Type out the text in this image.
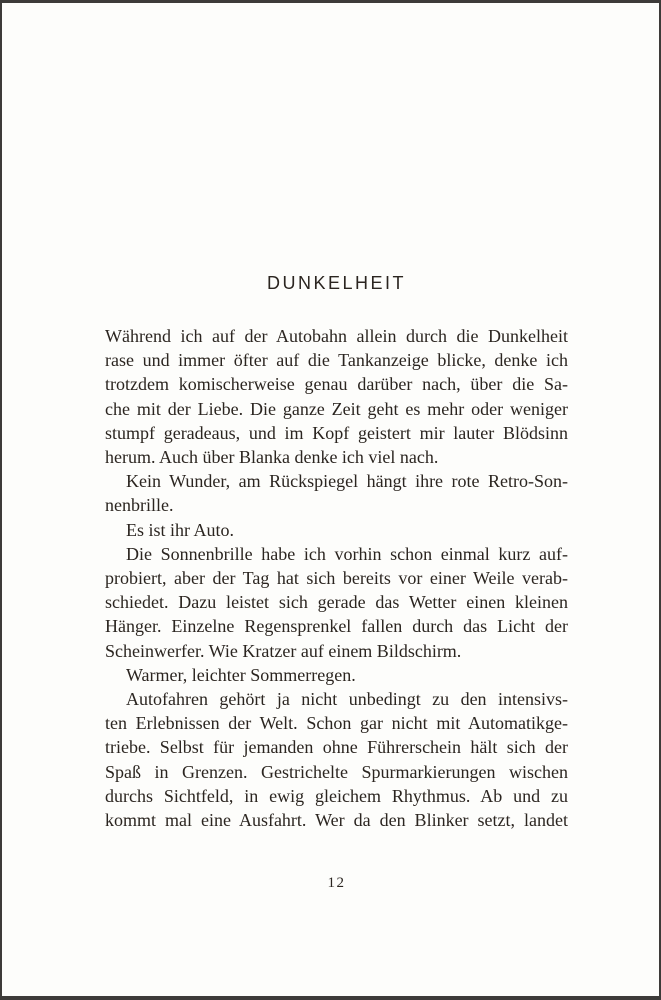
DUNKELHEIT
Während ich auf der Autobahn allein durch die Dunkelheit
rase und immer öfter auf die Tankanzeige blicke, denke ich
trotzdem komischerweise genau darüber nach, über die Sa-
che mit der Liebe. Die ganze Zeit geht es mehr oder weniger
stumpf geradeaus, und im Kopf geistert mir lauter Blödsinn
herum. Auch über Blanka denke ich viel nach.
Kein Wunder, am Rückspiegel hängt ihre rote Retro-Son-
nenbrille.
Es ist ihr Auto.
Die Sonnenbrille habe ich vorhin schon einmal kurz auf-
probiert, aber der Tag hat sich bereits vor einer Weile verab-
schiedet. Dazu leistet sich gerade das Wetter einen kleinen
Hänger. Einzelne Regensprenkel fallen durch das Licht der
Scheinwerfer. Wie Kratzer auf einem Bildschirm.
Warmer, leichter Sommerregen.
Autofahren gehört ja nicht unbedingt zu den intensivs-
ten Erlebnissen der Welt. Schon gar nicht mit Automatikge-
triebe. Selbst für jemanden ohne Führerschein hält sich der
Spaß in Grenzen. Gestrichelte Spurmarkierungen wischen
durchs Sichtfeld, in ewig gleichem Rhythmus. Ab und zu
kommt mal eine Ausfahrt. Wer da den Blinker setzt, landet
12
